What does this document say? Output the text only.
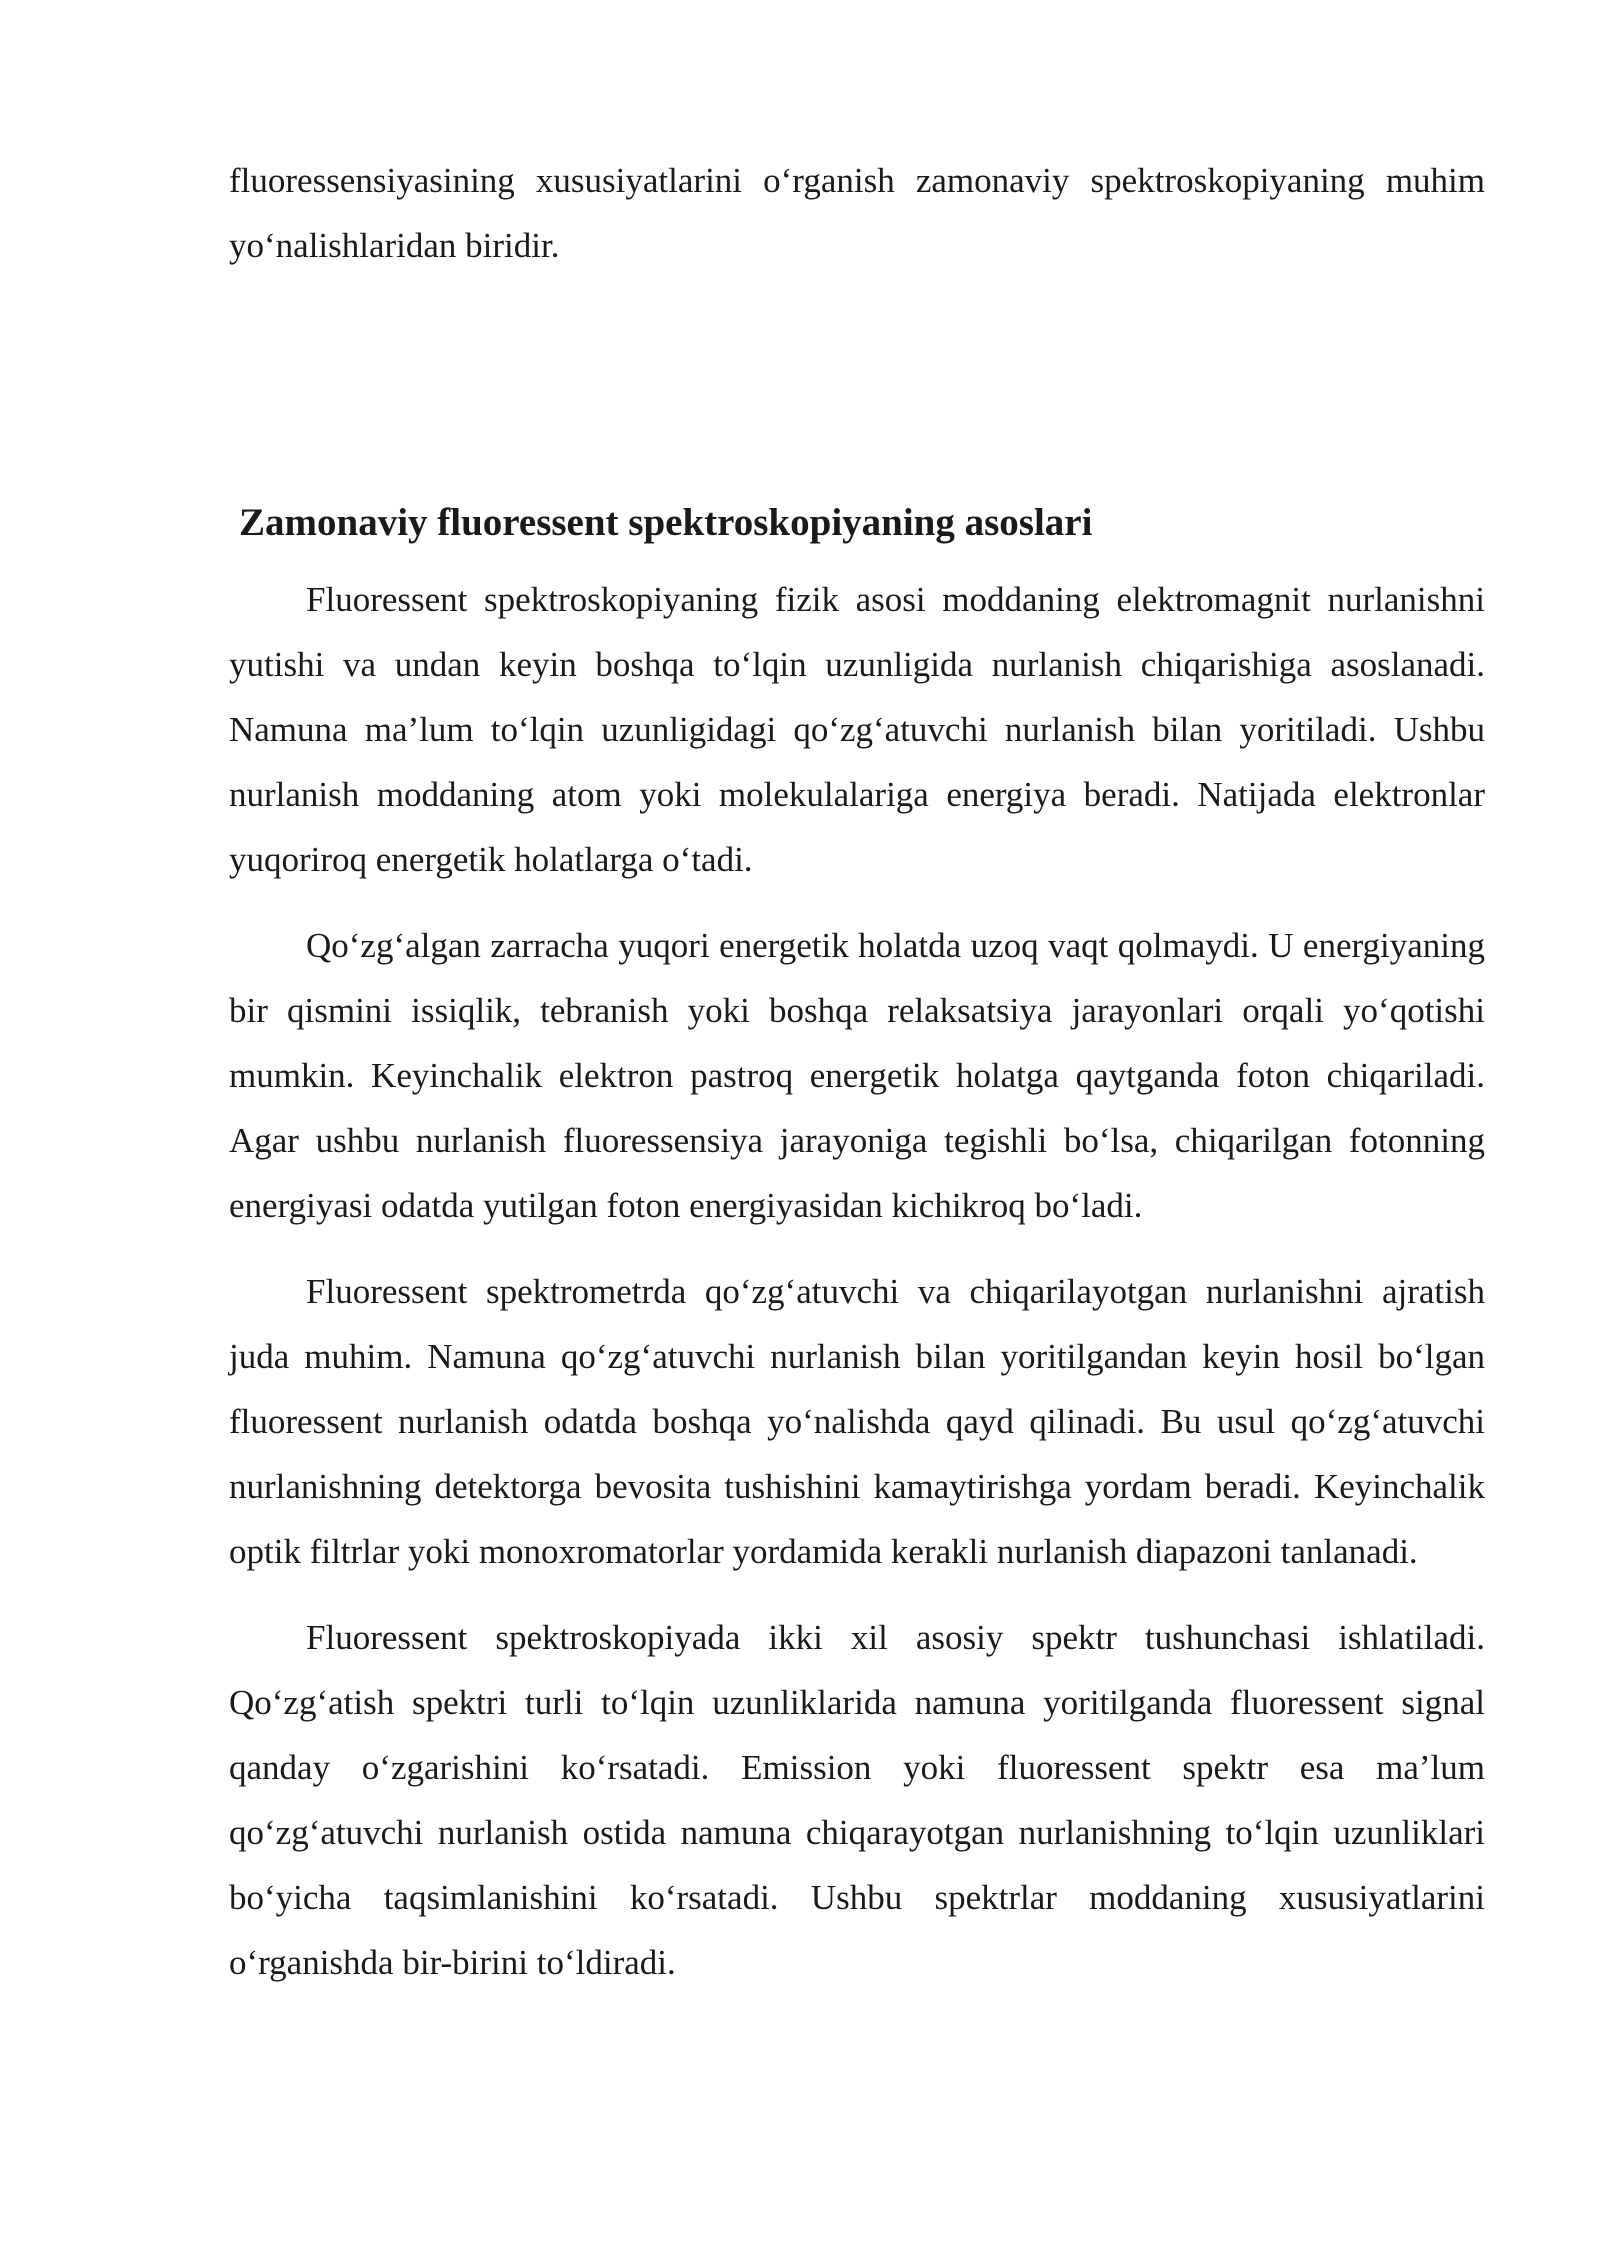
fluoressensiyasining xususiyatlarini o‘rganish zamonaviy spektroskopiyaning muhim yo‘nalishlaridan biridir.

Zamonaviy fluoressent spektroskopiyaning asoslari

Fluoressent spektroskopiyaning fizik asosi moddaning elektromagnit nurlanishni yutishi va undan keyin boshqa to‘lqin uzunligida nurlanish chiqarishiga asoslanadi. Namuna ma’lum to‘lqin uzunligidagi qo‘zg‘atuvchi nurlanish bilan yoritiladi. Ushbu nurlanish moddaning atom yoki molekulalariga energiya beradi. Natijada elektronlar yuqoriroq energetik holatlarga o‘tadi.

Qo‘zg‘algan zarracha yuqori energetik holatda uzoq vaqt qolmaydi. U energiyaning bir qismini issiqlik, tebranish yoki boshqa relaksatsiya jarayonlari orqali yo‘qotishi mumkin. Keyinchalik elektron pastroq energetik holatga qaytganda foton chiqariladi. Agar ushbu nurlanish fluoressensiya jarayoniga tegishli bo‘lsa, chiqarilgan fotonning energiyasi odatda yutilgan foton energiyasidan kichikroq bo‘ladi.

Fluoressent spektrometrda qo‘zg‘atuvchi va chiqarilayotgan nurlanishni ajratish juda muhim. Namuna qo‘zg‘atuvchi nurlanish bilan yoritilgandan keyin hosil bo‘lgan fluoressent nurlanish odatda boshqa yo‘nalishda qayd qilinadi. Bu usul qo‘zg‘atuvchi nurlanishning detektorga bevosita tushishini kamaytirishga yordam beradi. Keyinchalik optik filtrlar yoki monoxromatorlar yordamida kerakli nurlanish diapazoni tanlanadi.

Fluoressent spektroskopiyada ikki xil asosiy spektr tushunchasi ishlatiladi. Qo‘zg‘atish spektri turli to‘lqin uzunliklarida namuna yoritilganda fluoressent signal qanday o‘zgarishini ko‘rsatadi. Emission yoki fluoressent spektr esa ma’lum qo‘zg‘atuvchi nurlanish ostida namuna chiqarayotgan nurlanishning to‘lqin uzunliklari bo‘yicha taqsimlanishini ko‘rsatadi. Ushbu spektrlar moddaning xususiyatlarini o‘rganishda bir-birini to‘ldiradi.
